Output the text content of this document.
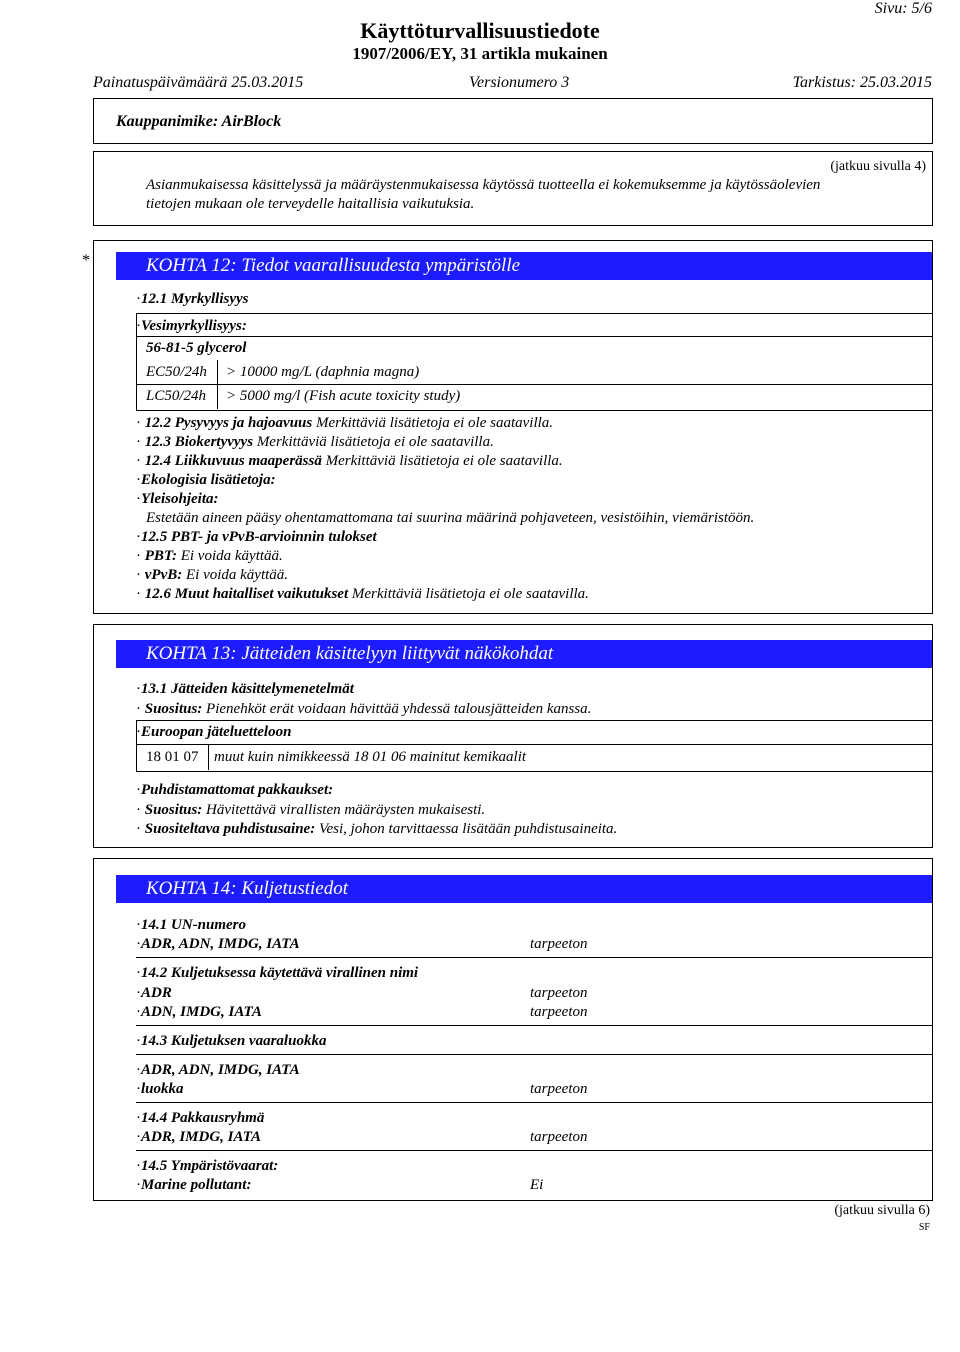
Sivu: 5/6
Käyttöturvallisuustiedote
1907/2006/EY, 31 artikla mukainen
Painatuspäivämäärä 25.03.2015	Versionumero 3	Tarkistus: 25.03.2015
Kauppanimike: AirBlock
(jatkuu sivulla 4)
Asianmukaisessa käsittelyssä ja määräystenmukaisessa käytössä tuotteella ei kokemuksemme ja käytössäolevien
tietojen mukaan ole terveydelle haitallisia vaikutuksia.
*	KOHTA 12: Tiedot vaarallisuudesta ympäristölle
· 12.1 Myrkyllisyys
· Vesimyrkyllisyys:
56-81-5 glycerol
EC50/24h > 10000 mg/L (daphnia magna)
LC50/24h > 5000 mg/l (Fish acute toxicity study)
· 12.2 Pysyvyys ja hajoavuus Merkittäviä lisätietoja ei ole saatavilla.
· 12.3 Biokertyvyys Merkittäviä lisätietoja ei ole saatavilla.
· 12.4 Liikkuvuus maaperässä Merkittäviä lisätietoja ei ole saatavilla.
· Ekologisia lisätietoja:
· Yleisohjeita:
Estetään aineen pääsy ohentamattomana tai suurina määrinä pohjaveteen, vesistöihin, viemäristöön.
· 12.5 PBT- ja vPvB-arvioinnin tulokset
· PBT: Ei voida käyttää.
· vPvB: Ei voida käyttää.
· 12.6 Muut haitalliset vaikutukset Merkittäviä lisätietoja ei ole saatavilla.
KOHTA 13: Jätteiden käsittelyyn liittyvät näkökohdat
· 13.1 Jätteiden käsittelymenetelmät
· Suositus: Pienehköt erät voidaan hävittää yhdessä talousjätteiden kanssa.
· Euroopan jäteluetteloon
18 01 07 muut kuin nimikkeessä 18 01 06 mainitut kemikaalit
· Puhdistamattomat pakkaukset:
· Suositus: Hävitettävä virallisten määräysten mukaisesti.
· Suositeltava puhdistusaine: Vesi, johon tarvittaessa lisätään puhdistusaineita.
KOHTA 14: Kuljetustiedot
· 14.1 UN-numero
· ADR, ADN, IMDG, IATA	tarpeeton
· 14.2 Kuljetuksessa käytettävä virallinen nimi
· ADR	tarpeeton
· ADN, IMDG, IATA	tarpeeton
· 14.3 Kuljetuksen vaaraluokka
· ADR, ADN, IMDG, IATA
· luokka	tarpeeton
· 14.4 Pakkausryhmä
· ADR, IMDG, IATA	tarpeeton
· 14.5 Ympäristövaarat:
· Marine pollutant:	Ei
(jatkuu sivulla 6)
SF
